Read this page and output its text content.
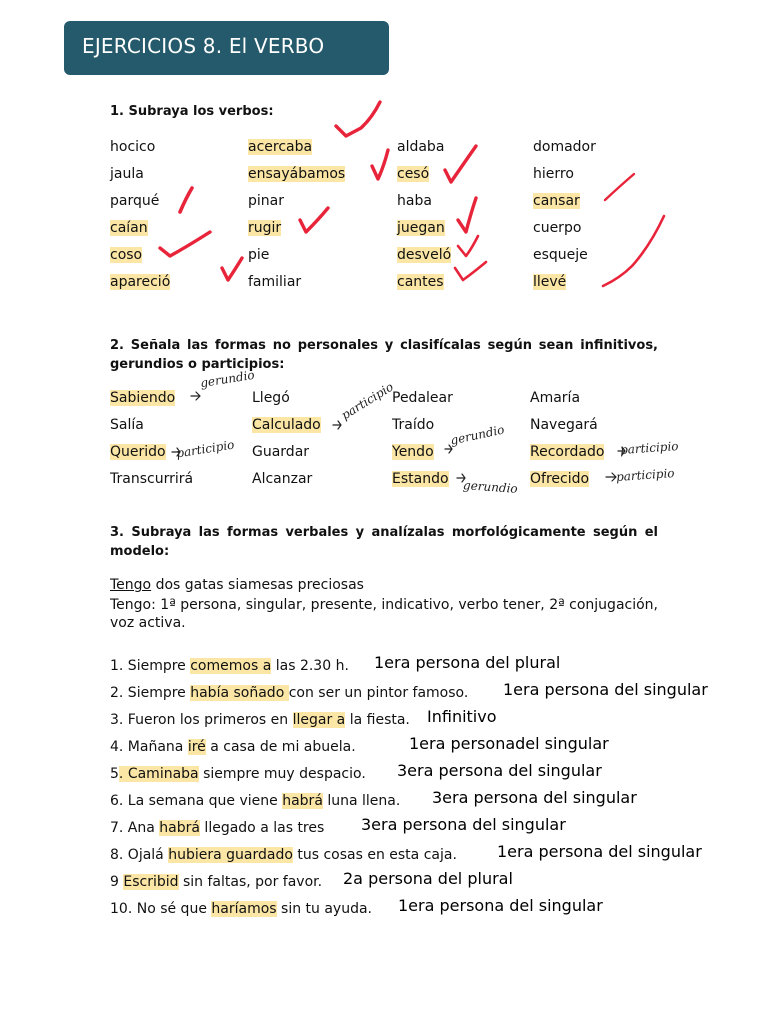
EJERCICIOS 8. El VERBO
1. Subraya los verbos:
hocico	acercaba	aldaba	domador
jaula	ensayábamos	cesó	hierro
parqué	pinar	haba	cansar
caían	rugir	juegan	cuerpo
coso	pie	desveló	esqueje
apareció	familiar	cantes	llevé
2. Señala las formas no personales y clasifícalas según sean infinitivos, gerundios o participios:
Sabiendo	Llegó	Pedalear	Amaría
Salía	Calculado	Traído	Navegará
Querido	Guardar	Yendo	Recordado
Transcurrirá	Alcanzar	Estando	Ofrecido
gerundio
participio
participio
gerundio
participio
gerundio
participio
3. Subraya las formas verbales y analízalas morfológicamente según el modelo:
Tengo dos gatas siamesas preciosas
Tengo: 1ª persona, singular, presente, indicativo, verbo tener, 2ª conjugación, voz activa.
1. Siempre comemos a las 2.30 h. 1era persona del plural
2. Siempre había soñado con ser un pintor famoso. 1era persona del singular
3. Fueron los primeros en llegar a la fiesta. Infinitivo
4. Mañana iré a casa de mi abuela.	1era personadel singular
5. Caminaba siempre muy despacio. 3era persona del singular
6. La semana que viene habrá luna llena. 3era persona del singular
7. Ana habrá llegado a las tres 3era persona del singular
8. Ojalá hubiera guardado tus cosas en esta caja.	1era persona del singular
9 Escribid sin faltas, por favor. 2a persona del plural
10. No sé que haríamos sin tu ayuda. 1era persona del singular
